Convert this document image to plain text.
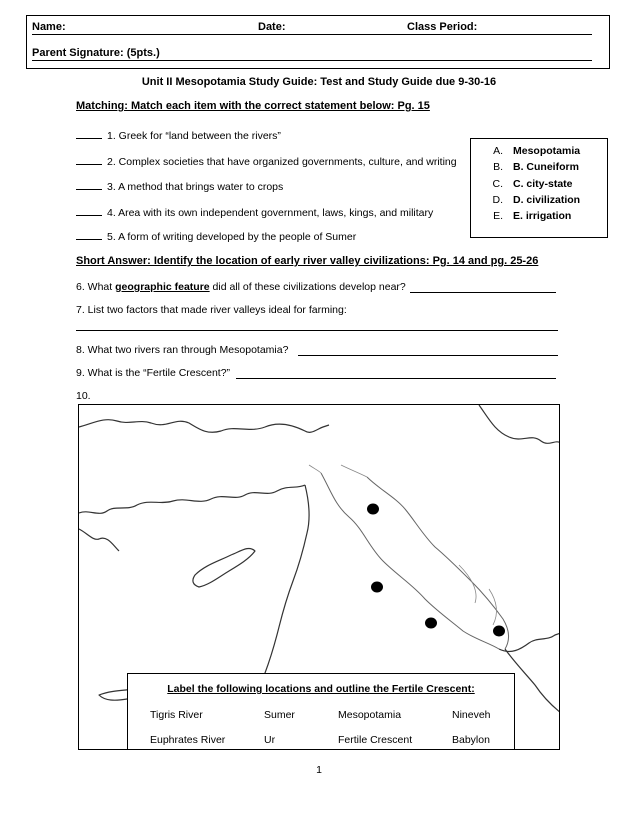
Name:	Date:	Class Period:
Parent Signature: (5pts.)
Unit II Mesopotamia Study Guide: Test and Study Guide due 9-30-16
Matching: Match each item with the correct statement below: Pg. 15
1. Greek for “land between the rivers”
2. Complex societies that have organized governments, culture, and writing
3. A method that brings water to crops
4. Area with its own independent government, laws, kings, and military
5. A form of writing developed by the people of Sumer
A. Mesopotamia
B. B. Cuneiform
C. C. city-state
D. D. civilization
E. E. irrigation
Short Answer: Identify the location of early river valley civilizations: Pg. 14 and pg. 25-26
6. What geographic feature did all of these civilizations develop near?
7. List two factors that made river valleys ideal for farming:
8. What two rivers ran through Mesopotamia?
9. What is the “Fertile Crescent?”
10.
Label the following locations and outline the Fertile Crescent:
Tigris River	Sumer	Mesopotamia	Nineveh
Euphrates River	Ur	Fertile Crescent	Babylon
1
